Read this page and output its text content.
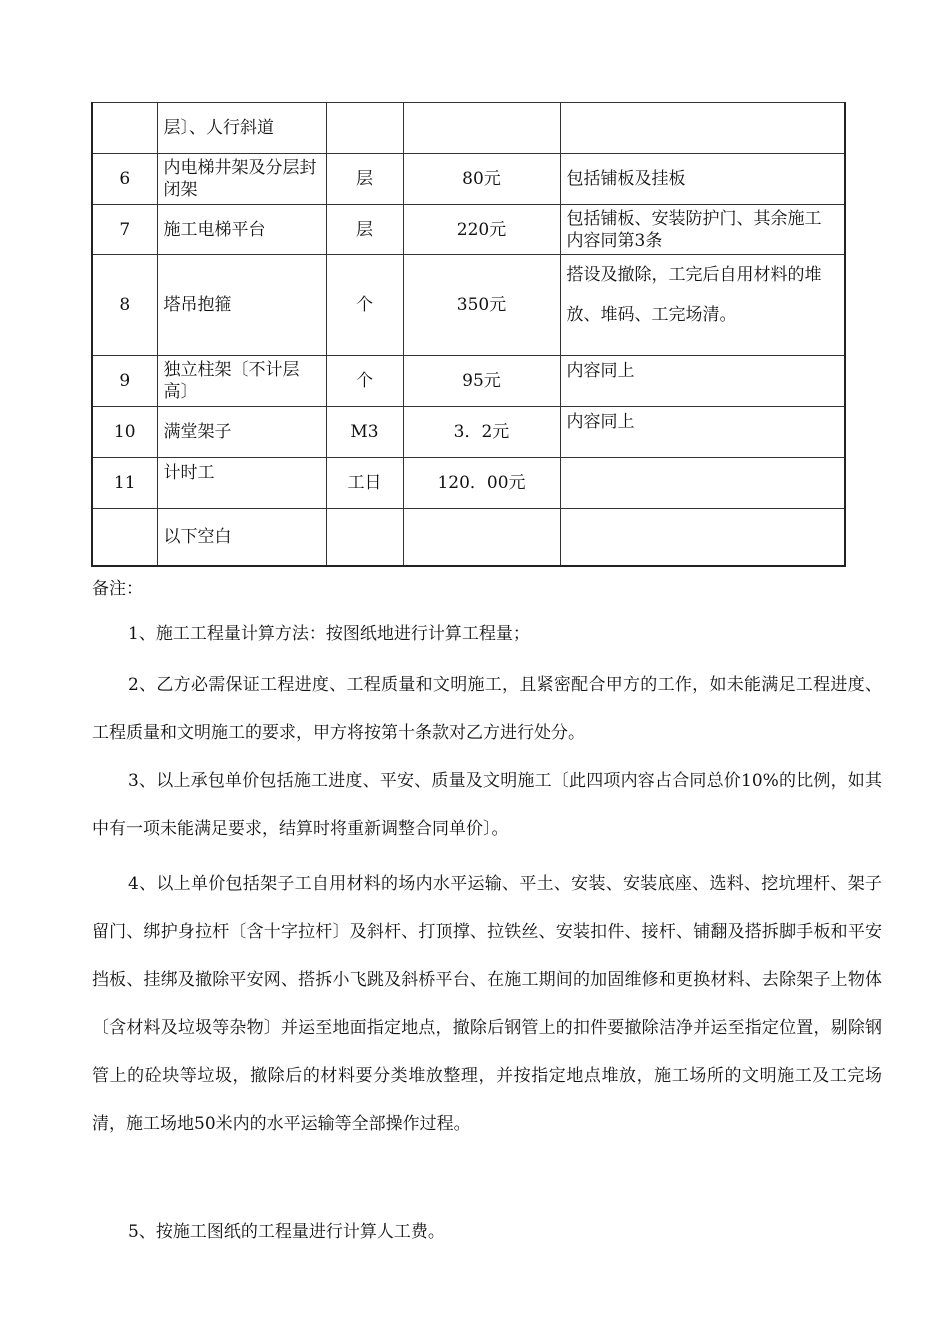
	层〕、人行斜道			
6	内电梯井架及分层封闭架	层	80元	包括铺板及挂板
7	施工电梯平台	层	220元	包括铺板、安装防护门、其余施工内容同第3条
8	塔吊抱箍	个	350元	搭设及撤除，工完后自用材料的堆放、堆码、工完场清。
9	独立柱架〔不计层高〕	个	95元	内容同上
10	满堂架子	M3	3．2元	内容同上
11	计时工	工日	120．00元	
	以下空白			
备注：

1、施工工程量计算方法：按图纸地进行计算工程量；

2、乙方必需保证工程进度、工程质量和文明施工，且紧密配合甲方的工作，如未能满足工程进度、工程质量和文明施工的要求，甲方将按第十条款对乙方进行处分。

3、以上承包单价包括施工进度、平安、质量及文明施工〔此四项内容占合同总价10%的比例，如其中有一项未能满足要求，结算时将重新调整合同单价〕。

4、以上单价包括架子工自用材料的场内水平运输、平土、安装、安装底座、选料、挖坑埋杆、架子留门、绑护身拉杆〔含十字拉杆〕及斜杆、打顶撑、拉铁丝、安装扣件、接杆、铺翻及搭拆脚手板和平安挡板、挂绑及撤除平安网、搭拆小飞跳及斜桥平台、在施工期间的加固维修和更换材料、去除架子上物体〔含材料及垃圾等杂物〕并运至地面指定地点，撤除后钢管上的扣件要撤除洁净并运至指定位置，剔除钢管上的砼块等垃圾，撤除后的材料要分类堆放整理，并按指定地点堆放，施工场所的文明施工及工完场清，施工场地50米内的水平运输等全部操作过程。

5、按施工图纸的工程量进行计算人工费。
